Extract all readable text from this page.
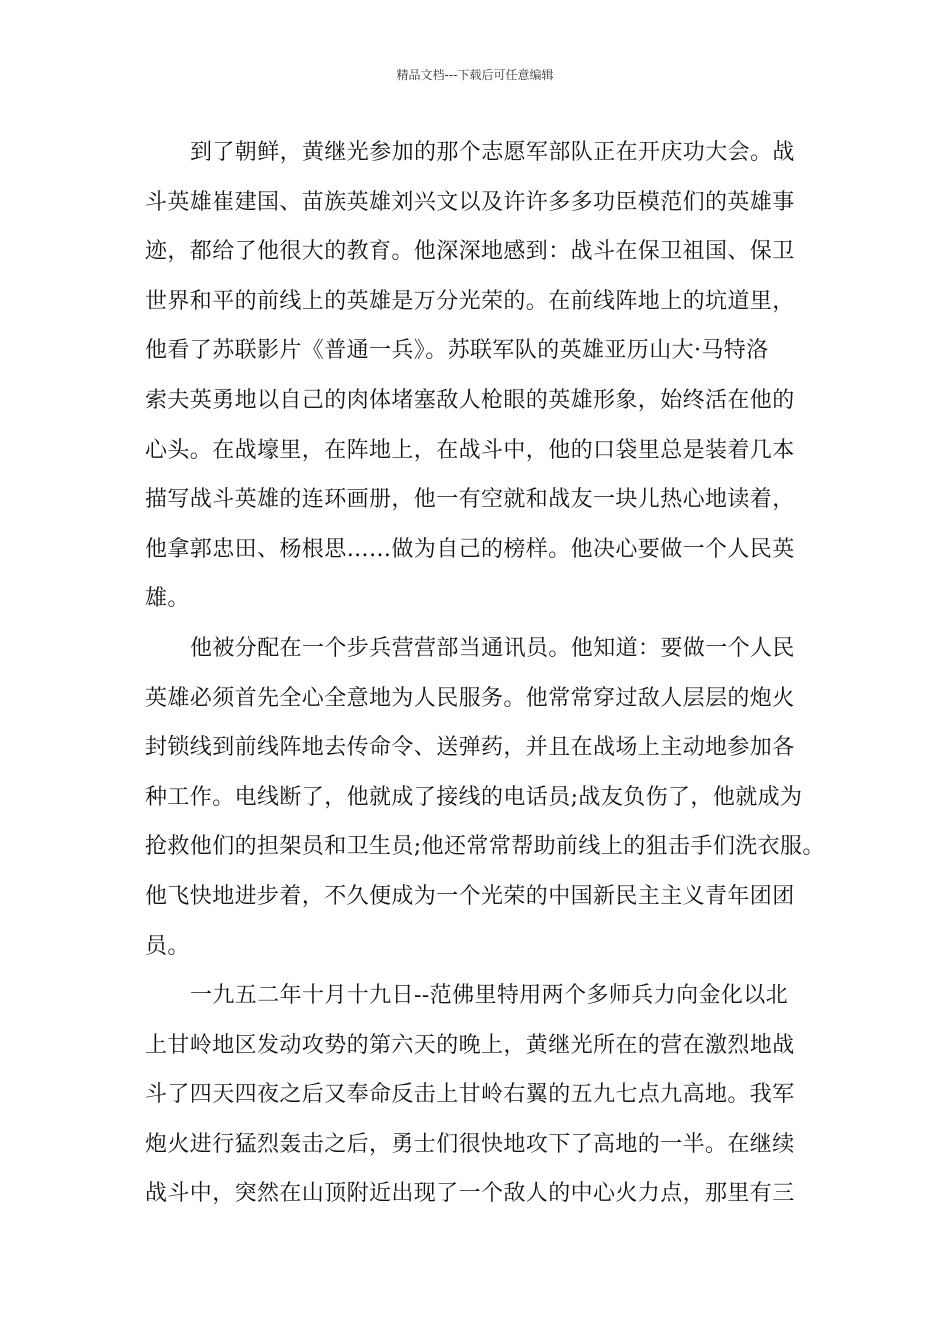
精品文档---下载后可任意编辑
到了朝鲜，黄继光参加的那个志愿军部队正在开庆功大会。战
斗英雄崔建国、苗族英雄刘兴文以及许许多多功臣模范们的英雄事
迹，都给了他很大的教育。他深深地感到：战斗在保卫祖国、保卫
世界和平的前线上的英雄是万分光荣的。在前线阵地上的坑道里，
他看了苏联影片《普通一兵》。苏联军队的英雄亚历山大·马特洛
索夫英勇地以自己的肉体堵塞敌人枪眼的英雄形象，始终活在他的
心头。在战壕里，在阵地上，在战斗中，他的口袋里总是装着几本
描写战斗英雄的连环画册，他一有空就和战友一块儿热心地读着，
他拿郭忠田、杨根思……做为自己的榜样。他决心要做一个人民英
雄。
他被分配在一个步兵营营部当通讯员。他知道：要做一个人民
英雄必须首先全心全意地为人民服务。他常常穿过敌人层层的炮火
封锁线到前线阵地去传命令、送弹药，并且在战场上主动地参加各
种工作。电线断了，他就成了接线的电话员;战友负伤了，他就成为
抢救他们的担架员和卫生员;他还常常帮助前线上的狙击手们洗衣服。
他飞快地进步着，不久便成为一个光荣的中国新民主主义青年团团
员。
一九五二年十月十九日--范佛里特用两个多师兵力向金化以北
上甘岭地区发动攻势的第六天的晚上，黄继光所在的营在激烈地战
斗了四天四夜之后又奉命反击上甘岭右翼的五九七点九高地。我军
炮火进行猛烈轰击之后，勇士们很快地攻下了高地的一半。在继续
战斗中，突然在山顶附近出现了一个敌人的中心火力点，那里有三
